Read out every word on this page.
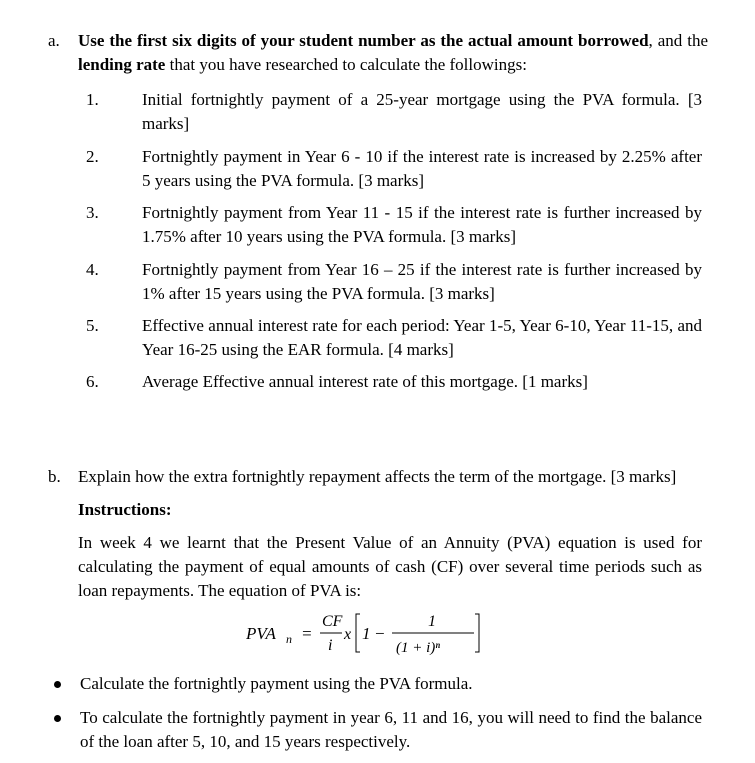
a. Use the first six digits of your student number as the actual amount borrowed, and the lending rate that you have researched to calculate the followings:
1.	Initial fortnightly payment of a 25-year mortgage using the PVA formula. [3 marks]
2.	Fortnightly payment in Year 6 - 10 if the interest rate is increased by 2.25% after 5 years using the PVA formula. [3 marks]
3.	Fortnightly payment from Year 11 - 15 if the interest rate is further increased by 1.75% after 10 years using the PVA formula. [3 marks]
4.	Fortnightly payment from Year 16 – 25 if the interest rate is further increased by 1% after 15 years using the PVA formula. [3 marks]
5.	Effective annual interest rate for each period: Year 1-5, Year 6-10, Year 11-15, and Year 16-25 using the EAR formula. [4 marks]
6.	Average Effective annual interest rate of this mortgage. [1 marks]
b. Explain how the extra fortnightly repayment affects the term of the mortgage. [3 marks]
Instructions:
In week 4 we learnt that the Present Value of an Annuity (PVA) equation is used for calculating the payment of equal amounts of cash (CF) over several time periods such as loan repayments. The equation of PVA is:
PVA n =
CF
i
x 1 −
1
(1 + i)ⁿ
Calculate the fortnightly payment using the PVA formula.
To calculate the fortnightly payment in year 6, 11 and 16, you will need to find the balance of the loan after 5, 10, and 15 years respectively.
